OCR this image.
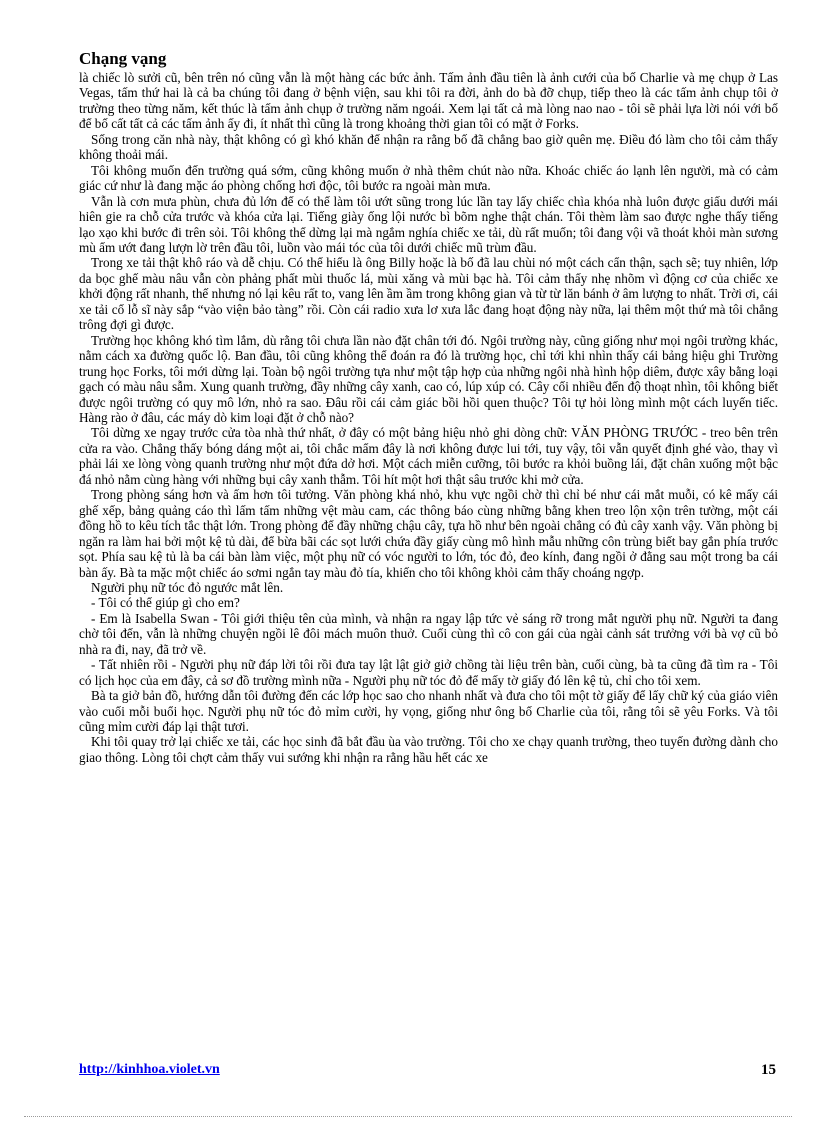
Chạng vạng

là chiếc lò sưởi cũ, bên trên nó cũng vẫn là một hàng các bức ảnh. Tấm ảnh đầu tiên là ảnh cưới của bố Charlie và mẹ chụp ở Las Vegas, tấm thứ hai là cả ba chúng tôi đang ở bệnh viện, sau khi tôi ra đời, ảnh do bà đỡ chụp, tiếp theo là các tấm ảnh chụp tôi ở trường theo từng năm, kết thúc là tấm ảnh chụp ở trường năm ngoái. Xem lại tất cả mà lòng nao nao - tôi sẽ phải lựa lời nói với bố để bố cất tất cả các tấm ảnh ấy đi, ít nhất thì cũng là trong khoảng thời gian tôi có mặt ở Forks.

Sống trong căn nhà này, thật không có gì khó khăn để nhận ra rằng bố đã chẳng bao giờ quên mẹ. Điều đó làm cho tôi cảm thấy không thoải mái.

Tôi không muốn đến trường quá sớm, cũng không muốn ở nhà thêm chút nào nữa. Khoác chiếc áo lạnh lên người, mà có cảm giác cứ như là đang mặc áo phòng chống hơi độc, tôi bước ra ngoài màn mưa.

Vẫn là cơn mưa phùn, chưa đủ lớn để có thể làm tôi ướt sũng trong lúc lần tay lấy chiếc chìa khóa nhà luôn được giấu dưới mái hiên gie ra chỗ cửa trước và khóa cửa lại. Tiếng giày ống lội nước bì bõm nghe thật chán. Tôi thèm làm sao được nghe thấy tiếng lạo xạo khi bước đi trên sỏi. Tôi không thể dừng lại mà ngắm nghía chiếc xe tải, dù rất muốn; tôi đang vội vã thoát khỏi màn sương mù ẩm ướt đang lượn lờ trên đầu tôi, luồn vào mái tóc của tôi dưới chiếc mũ trùm đầu.

Trong xe tải thật khô ráo và dễ chịu. Có thể hiểu là ông Billy hoặc là bố đã lau chùi nó một cách cẩn thận, sạch sẽ; tuy nhiên, lớp da bọc ghế màu nâu vẫn còn phảng phất mùi thuốc lá, mùi xăng và mùi bạc hà. Tôi cảm thấy nhẹ nhõm vì động cơ của chiếc xe khởi động rất nhanh, thế nhưng nó lại kêu rất to, vang lên ầm ầm trong không gian và từ từ lăn bánh ở âm lượng to nhất. Trời ơi, cái xe tải cổ lỗ sĩ này sắp “vào viện bảo tàng” rồi. Còn cái radio xưa lơ xưa lắc đang hoạt động này nữa, lại thêm một thứ mà tôi chẳng trông đợi gì được.

Trường học không khó tìm lắm, dù rằng tôi chưa lần nào đặt chân tới đó. Ngôi trường này, cũng giống như mọi ngôi trường khác, nằm cách xa đường quốc lộ. Ban đầu, tôi cũng không thể đoán ra đó là trường học, chỉ tới khi nhìn thấy cái bảng hiệu ghi Trường trung học Forks, tôi mới dừng lại. Toàn bộ ngôi trường tựa như một tập hợp của những ngôi nhà hình hộp diêm, được xây bằng loại gạch có màu nâu sẫm. Xung quanh trường, đầy những cây xanh, cao có, lúp xúp có. Cây cối nhiều đến độ thoạt nhìn, tôi không biết được ngôi trường có quy mô lớn, nhỏ ra sao. Đâu rồi cái cảm giác bồi hồi quen thuộc? Tôi tự hỏi lòng mình một cách luyến tiếc. Hàng rào ở đâu, các máy dò kim loại đặt ở chỗ nào?

Tôi dừng xe ngay trước cửa tòa nhà thứ nhất, ở đây có một bảng hiệu nhỏ ghi dòng chữ: VĂN PHÒNG TRƯỚC - treo bên trên cửa ra vào. Chẳng thấy bóng dáng một ai, tôi chắc mẩm đây là nơi không được lui tới, tuy vậy, tôi vẫn quyết định ghé vào, thay vì phải lái xe lòng vòng quanh trường như một đứa dở hơi. Một cách miễn cưỡng, tôi bước ra khỏi buồng lái, đặt chân xuống một bậc đá nhỏ nằm cùng hàng với những bụi cây xanh thẫm. Tôi hít một hơi thật sâu trước khi mở cửa.

Trong phòng sáng hơn và ấm hơn tôi tưởng. Văn phòng khá nhỏ, khu vực ngồi chờ thì chỉ bé như cái mắt muỗi, có kê mấy cái ghế xếp, bảng quảng cáo thì lấm tấm những vệt màu cam, các thông báo cùng những bằng khen treo lộn xộn trên tường, một cái đồng hồ to kêu tích tắc thật lớn. Trong phòng để đầy những chậu cây, tựa hồ như bên ngoài chẳng có đủ cây xanh vậy. Văn phòng bị ngăn ra làm hai bởi một kệ tủ dài, để bừa bãi các sọt lưới chứa đầy giấy cùng mô hình mẫu những côn trùng biết bay gắn phía trước sọt. Phía sau kệ tủ là ba cái bàn làm việc, một phụ nữ có vóc người to lớn, tóc đỏ, đeo kính, đang ngồi ở đằng sau một trong ba cái bàn ấy. Bà ta mặc một chiếc áo sơmi ngắn tay màu đỏ tía, khiến cho tôi không khỏi cảm thấy choáng ngợp.

Người phụ nữ tóc đỏ ngước mắt lên.

- Tôi có thể giúp gì cho em?

- Em là Isabella Swan - Tôi giới thiệu tên của mình, và nhận ra ngay lập tức vẻ sáng rỡ trong mắt người phụ nữ. Người ta đang chờ tôi đến, vẫn là những chuyện ngồi lê đôi mách muôn thuở. Cuối cùng thì cô con gái của ngài cảnh sát trưởng với bà vợ cũ bỏ nhà ra đi, nay, đã trở về.

- Tất nhiên rồi - Người phụ nữ đáp lời tôi rồi đưa tay lật lật giở giở chồng tài liệu trên bàn, cuối cùng, bà ta cũng đã tìm ra - Tôi có lịch học của em đây, cả sơ đồ trường mình nữa - Người phụ nữ tóc đỏ để mấy tờ giấy đó lên kệ tủ, chỉ cho tôi xem.

Bà ta giở bản đồ, hướng dẫn tôi đường đến các lớp học sao cho nhanh nhất và đưa cho tôi một tờ giấy để lấy chữ ký của giáo viên vào cuối mỗi buổi học. Người phụ nữ tóc đỏ mỉm cười, hy vọng, giống như ông bố Charlie của tôi, rằng tôi sẽ yêu Forks. Và tôi cũng mỉm cười đáp lại thật tươi.

Khi tôi quay trở lại chiếc xe tải, các học sinh đã bắt đầu ùa vào trường. Tôi cho xe chạy quanh trường, theo tuyến đường dành cho giao thông. Lòng tôi chợt cảm thấy vui sướng khi nhận ra rằng hầu hết các xe

http://kinhhoa.violet.vn	15
